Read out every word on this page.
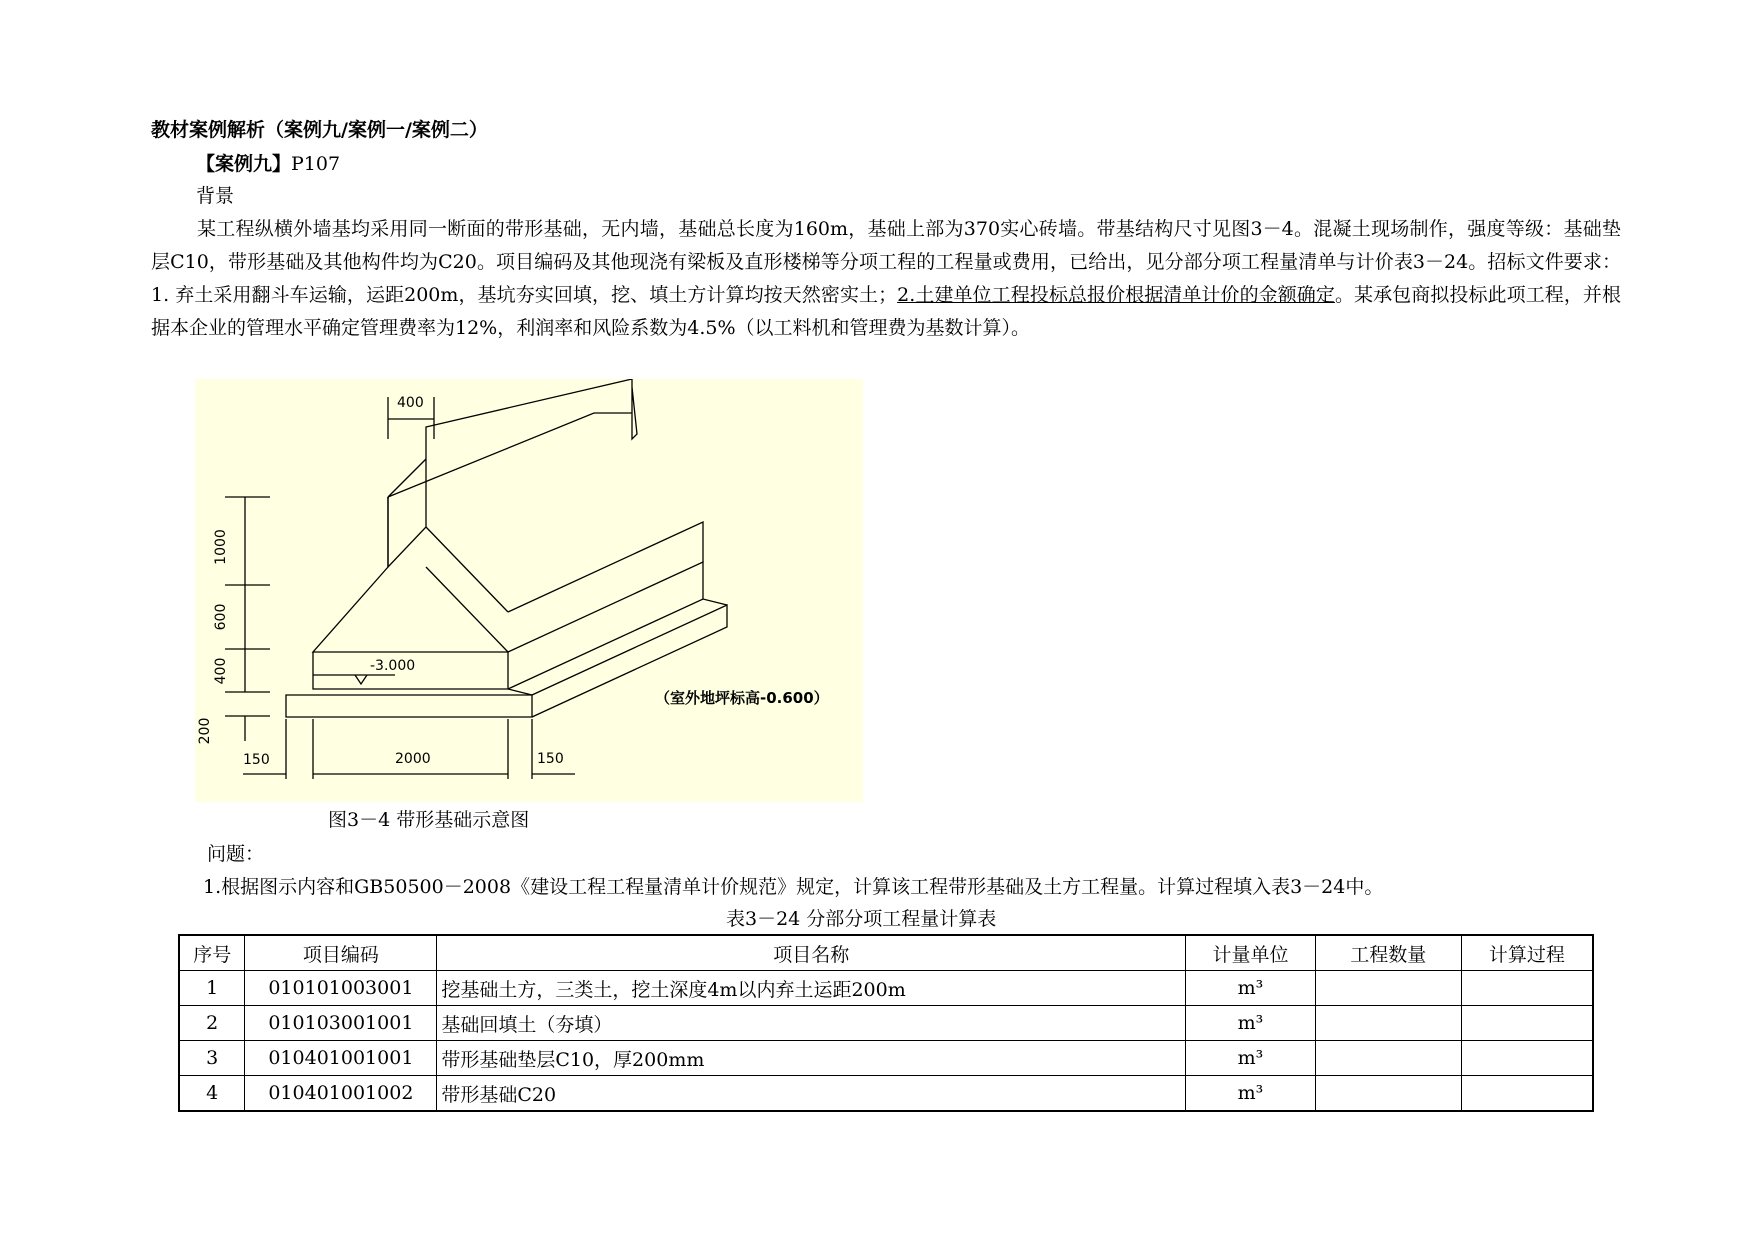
教材案例解析（案例九/案例一/案例二）
【案例九】P107
背景
某工程纵横外墙基均采用同一断面的带形基础，无内墙，基础总长度为160m，基础上部为370实心砖墙。带基结构尺寸见图3－4。混凝土现场制作，强度等级：基础垫层C10，带形基础及其他构件均为C20。项目编码及其他现浇有梁板及直形楼梯等分项工程的工程量或费用，已给出，见分部分项工程量清单与计价表3－24。招标文件要求：1. 弃土采用翻斗车运输，运距200m，基坑夯实回填，挖、填土方计算均按天然密实土；2.土建单位工程投标总报价根据清单计价的金额确定。某承包商拟投标此项工程，并根据本企业的管理水平确定管理费率为12%，利润率和风险系数为4.5%（以工料机和管理费为基数计算）。
400
1000
600
400
200
150	2000	150
-3.000
（室外地坪标高-0.600）
图3－4 带形基础示意图
问题：
1.根据图示内容和GB50500－2008《建设工程工程量清单计价规范》规定，计算该工程带形基础及土方工程量。计算过程填入表3－24中。
表3－24 分部分项工程量计算表
序号	项目编码	项目名称	计量单位	工程数量	计算过程
1	010101003001	挖基础土方，三类土，挖土深度4m以内弃土运距200m	m³		
2	010103001001	基础回填土（夯填）	m³		
3	010401001001	带形基础垫层C10，厚200mm	m³		
4	010401001002	带形基础C20	m³		
